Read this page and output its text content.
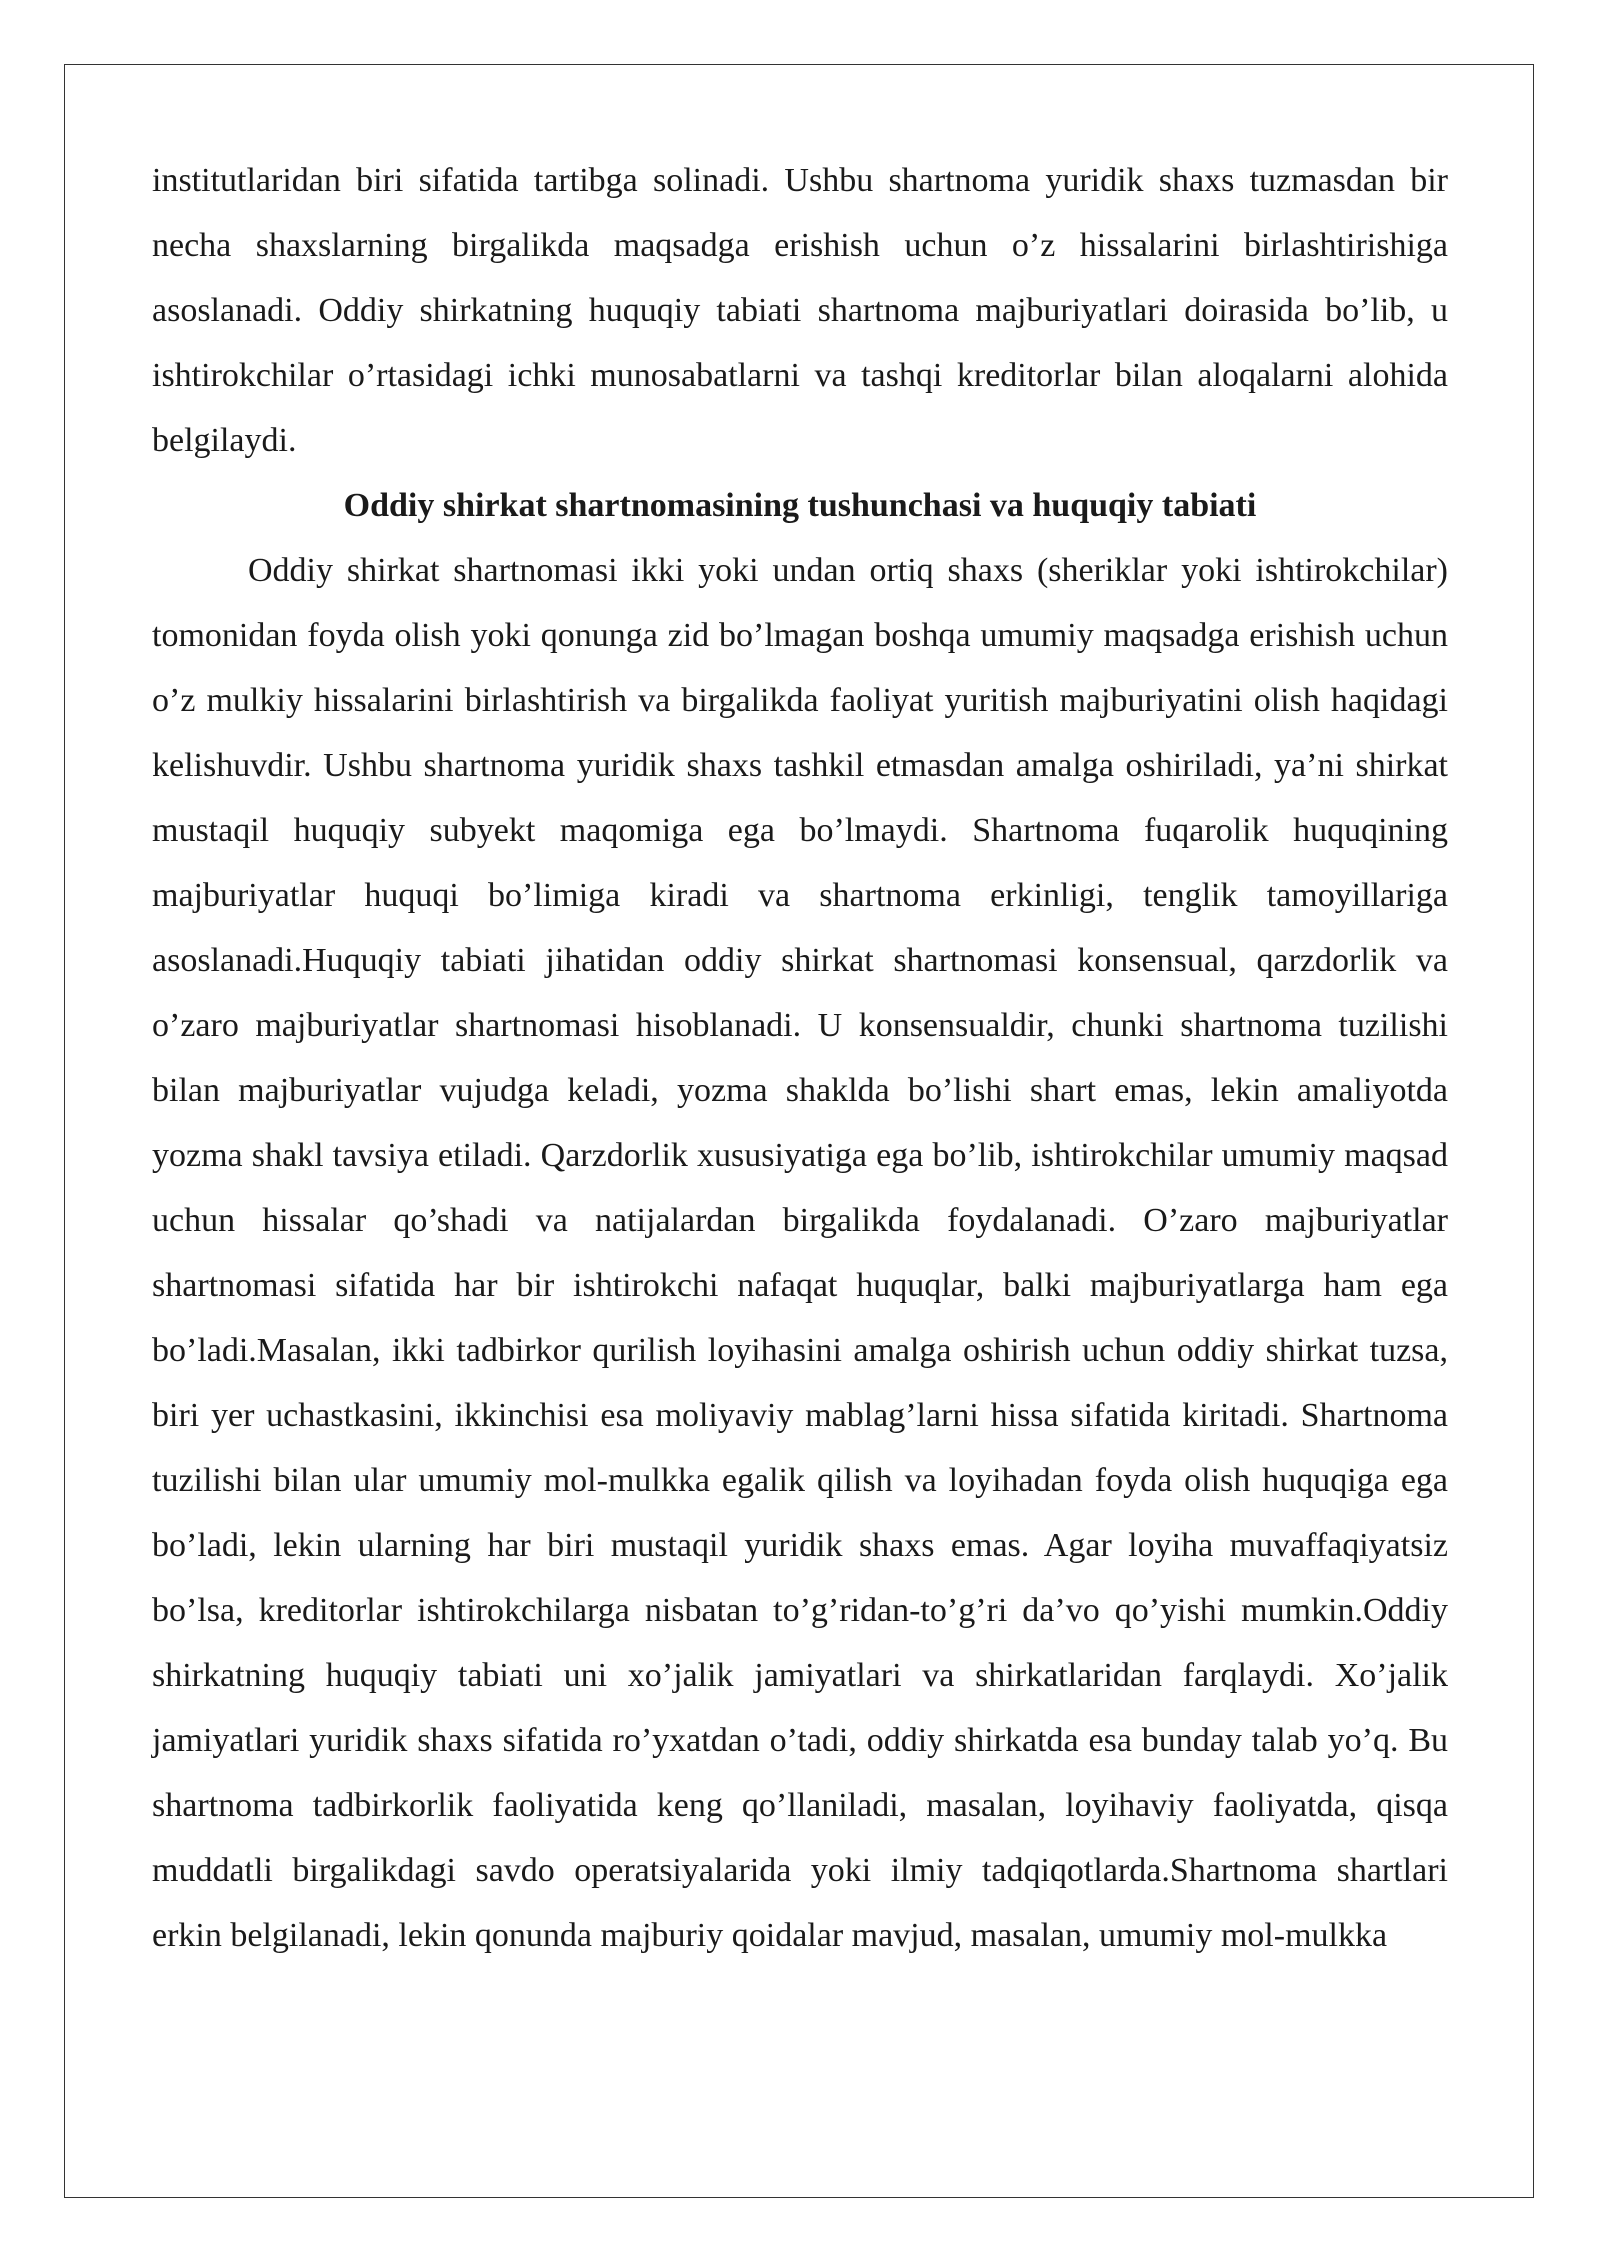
institutlaridan biri sifatida tartibga solinadi. Ushbu shartnoma yuridik shaxs tuzmasdan bir necha shaxslarning birgalikda maqsadga erishish uchun o’z hissalarini birlashtirishiga asoslanadi. Oddiy shirkatning huquqiy tabiati shartnoma majburiyatlari doirasida bo’lib, u ishtirokchilar o’rtasidagi ichki munosabatlarni va tashqi kreditorlar bilan aloqalarni alohida belgilaydi.

Oddiy shirkat shartnomasining tushunchasi va huquqiy tabiati

Oddiy shirkat shartnomasi ikki yoki undan ortiq shaxs (sheriklar yoki ishtirokchilar) tomonidan foyda olish yoki qonunga zid bo’lmagan boshqa umumiy maqsadga erishish uchun o’z mulkiy hissalarini birlashtirish va birgalikda faoliyat yuritish majburiyatini olish haqidagi kelishuvdir. Ushbu shartnoma yuridik shaxs tashkil etmasdan amalga oshiriladi, ya’ni shirkat mustaqil huquqiy subyekt maqomiga ega bo’lmaydi. Shartnoma fuqarolik huquqining majburiyatlar huquqi bo’limiga kiradi va shartnoma erkinligi, tenglik tamoyillariga asoslanadi.Huquqiy tabiati jihatidan oddiy shirkat shartnomasi konsensual, qarzdorlik va o’zaro majburiyatlar shartnomasi hisoblanadi. U konsensualdir, chunki shartnoma tuzilishi bilan majburiyatlar vujudga keladi, yozma shaklda bo’lishi shart emas, lekin amaliyotda yozma shakl tavsiya etiladi. Qarzdorlik xususiyatiga ega bo’lib, ishtirokchilar umumiy maqsad uchun hissalar qo’shadi va natijalardan birgalikda foydalanadi. O’zaro majburiyatlar shartnomasi sifatida har bir ishtirokchi nafaqat huquqlar, balki majburiyatlarga ham ega bo’ladi.Masalan, ikki tadbirkor qurilish loyihasini amalga oshirish uchun oddiy shirkat tuzsa, biri yer uchastkasini, ikkinchisi esa moliyaviy mablag’larni hissa sifatida kiritadi. Shartnoma tuzilishi bilan ular umumiy mol-mulkka egalik qilish va loyihadan foyda olish huquqiga ega bo’ladi, lekin ularning har biri mustaqil yuridik shaxs emas. Agar loyiha muvaffaqiyatsiz bo’lsa, kreditorlar ishtirokchilarga nisbatan to’g’ridan-to’g’ri da’vo qo’yishi mumkin.Oddiy shirkatning huquqiy tabiati uni xo’jalik jamiyatlari va shirkatlaridan farqlaydi. Xo’jalik jamiyatlari yuridik shaxs sifatida ro’yxatdan o’tadi, oddiy shirkatda esa bunday talab yo’q. Bu shartnoma tadbirkorlik faoliyatida keng qo’llaniladi, masalan, loyihaviy faoliyatda, qisqa muddatli birgalikdagi savdo operatsiyalarida yoki ilmiy tadqiqotlarda.Shartnoma shartlari erkin belgilanadi, lekin qonunda majburiy qoidalar mavjud, masalan, umumiy mol-mulkka
